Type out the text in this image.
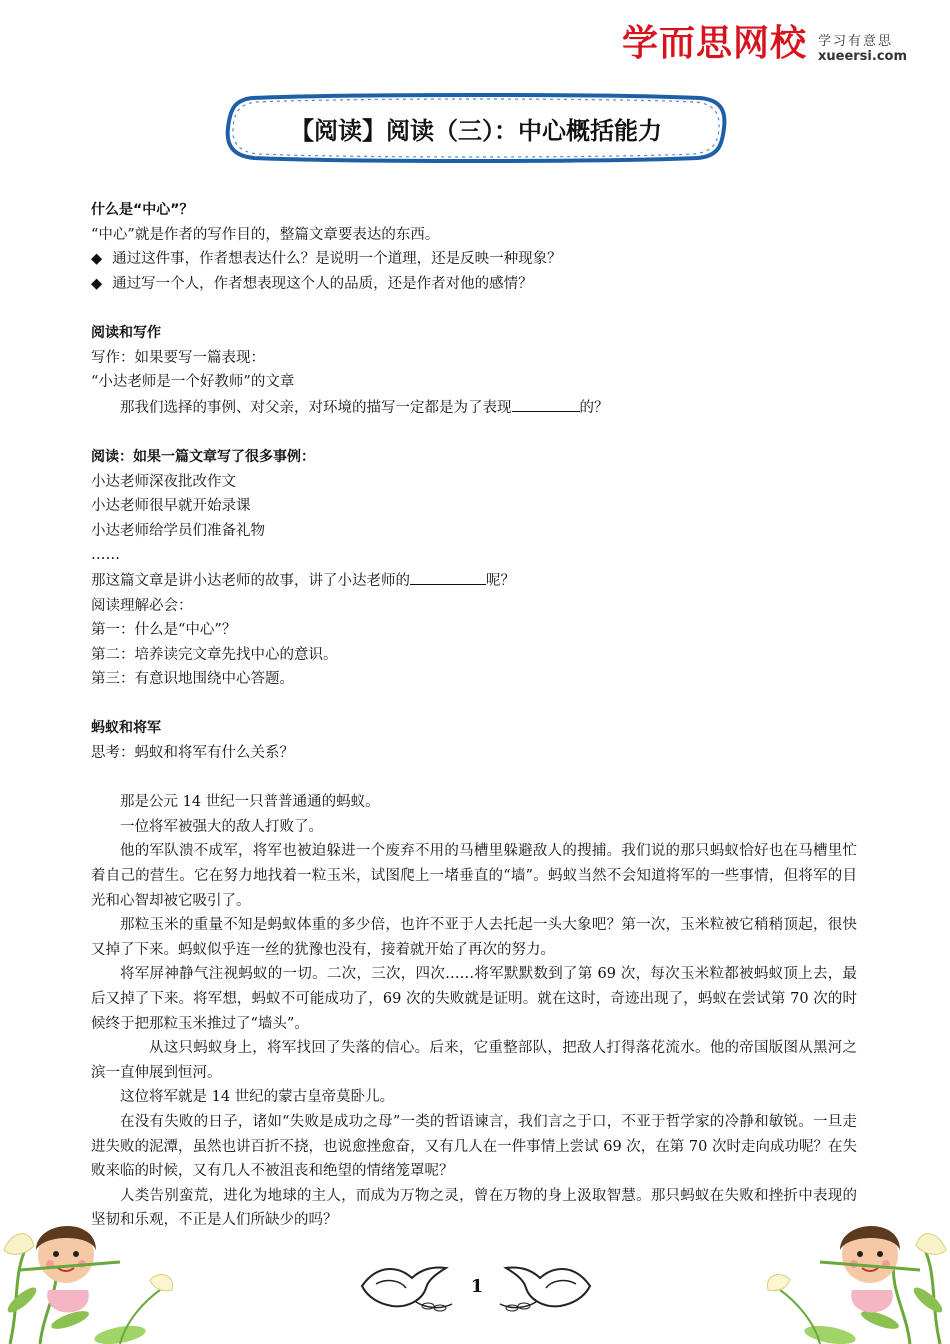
学而思网校 学习有意思
xueersi.com
【阅读】阅读（三）：中心概括能力

什么是“中心”？

“中心”就是作者的写作目的，整篇文章要表达的东西。

◆ 通过这件事，作者想表达什么？是说明一个道理，还是反映一种现象？

◆ 通过写一个人，作者想表现这个人的品质，还是作者对他的感情？

阅读和写作

写作：如果要写一篇表现：

“小达老师是一个好教师”的文章

那我们选择的事例、对父亲，对环境的描写一定都是为了表现	的？

阅读：如果一篇文章写了很多事例：

小达老师深夜批改作文

小达老师很早就开始录课

小达老师给学员们准备礼物

……

那这篇文章是讲小达老师的故事，讲了小达老师的	呢？

阅读理解必会：

第一：什么是“中心”？

第二：培养读完文章先找中心的意识。

第三：有意识地围绕中心答题。

蚂蚁和将军

思考：蚂蚁和将军有什么关系？

那是公元 14 世纪一只普普通通的蚂蚁。

一位将军被强大的敌人打败了。

他的军队溃不成军，将军也被迫躲进一个废弃不用的马槽里躲避敌人的搜捕。我们说的那只蚂蚁恰好也在马槽里忙着自己的营生。它在努力地找着一粒玉米，试图爬上一堵垂直的“墙”。蚂蚁当然不会知道将军的一些事情，但将军的目光和心智却被它吸引了。

那粒玉米的重量不知是蚂蚁体重的多少倍，也许不亚于人去托起一头大象吧？第一次，玉米粒被它稍稍顶起，很快又掉了下来。蚂蚁似乎连一丝的犹豫也没有，接着就开始了再次的努力。

将军屏神静气注视蚂蚁的一切。二次，三次，四次……将军默默数到了第 69 次，每次玉米粒都被蚂蚁顶上去，最后又掉了下来。将军想，蚂蚁不可能成功了，69 次的失败就是证明。就在这时，奇迹出现了，蚂蚁在尝试第 70 次的时候终于把那粒玉米推过了“墙头”。

从这只蚂蚁身上，将军找回了失落的信心。后来，它重整部队，把敌人打得落花流水。他的帝国版图从黑河之滨一直伸展到恒河。

这位将军就是 14 世纪的蒙古皇帝莫卧儿。

在没有失败的日子，诸如“失败是成功之母”一类的哲语谏言，我们言之于口，不亚于哲学家的冷静和敏锐。一旦走进失败的泥潭，虽然也讲百折不挠，也说愈挫愈奋，又有几人在一件事情上尝试 69 次，在第 70 次时走向成功呢？在失败来临的时候，又有几人不被沮丧和绝望的情绪笼罩呢？

人类告别蛮荒，进化为地球的主人，而成为万物之灵，曾在万物的身上汲取智慧。那只蚂蚁在失败和挫折中表现的坚韧和乐观，不正是人们所缺少的吗？

1
